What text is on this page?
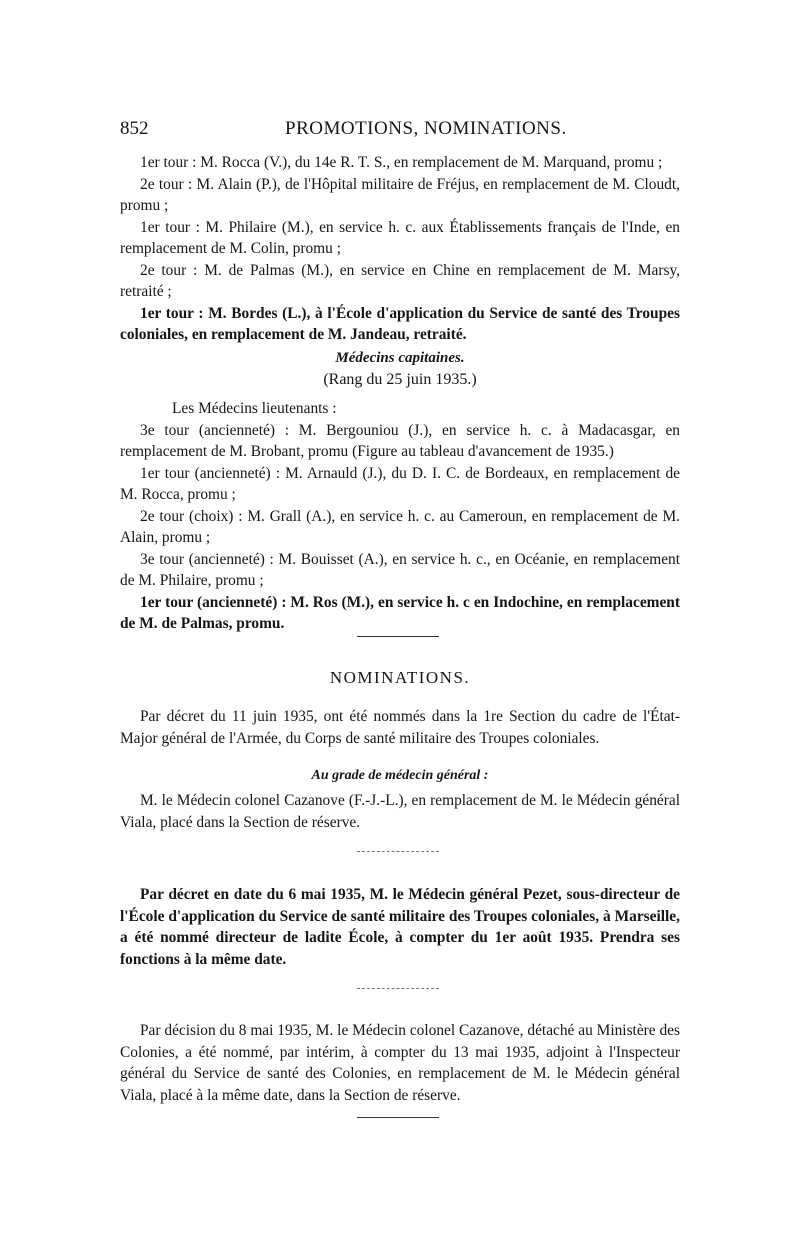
852	PROMOTIONS, NOMINATIONS.

1er tour : M. Rocca (V.), du 14e R. T. S., en remplacement de M. Marquand, promu ;

2e tour : M. Alain (P.), de l'Hôpital militaire de Fréjus, en remplacement de M. Cloudt, promu ;

1er tour : M. Philaire (M.), en service h. c. aux Établissements français de l'Inde, en remplacement de M. Colin, promu ;

2e tour : M. de Palmas (M.), en service en Chine en remplacement de M. Marsy, retraité ;

1er tour : M. Bordes (L.), à l'École d'application du Service de santé des Troupes coloniales, en remplacement de M. Jandeau, retraité.

Médecins capitaines.
(Rang du 25 juin 1935.)

Les Médecins lieutenants :

3e tour (ancienneté) : M. Bergouniou (J.), en service h. c. à Madacasgar, en remplacement de M. Brobant, promu (Figure au tableau d'avancement de 1935.)

1er tour (ancienneté) : M. Arnauld (J.), du D. I. C. de Bordeaux, en remplacement de M. Rocca, promu ;

2e tour (choix) : M. Grall (A.), en service h. c. au Cameroun, en remplacement de M. Alain, promu ;

3e tour (ancienneté) : M. Bouisset (A.), en service h. c., en Océanie, en remplacement de M. Philaire, promu ;

1er tour (ancienneté) : M. Ros (M.), en service h. c en Indochine, en remplacement de M. de Palmas, promu.

NOMINATIONS.

Par décret du 11 juin 1935, ont été nommés dans la 1re Section du cadre de l'État-Major général de l'Armée, du Corps de santé militaire des Troupes coloniales.

Au grade de médecin général :

M. le Médecin colonel Cazanove (F.-J.-L.), en remplacement de M. le Médecin général Viala, placé dans la Section de réserve.

Par décret en date du 6 mai 1935, M. le Médecin général Pezet, sous-directeur de l'École d'application du Service de santé militaire des Troupes coloniales, à Marseille, a été nommé directeur de ladite École, à compter du 1er août 1935. Prendra ses fonctions à la même date.

Par décision du 8 mai 1935, M. le Médecin colonel Cazanove, détaché au Ministère des Colonies, a été nommé, par intérim, à compter du 13 mai 1935, adjoint à l'Inspecteur général du Service de santé des Colonies, en remplacement de M. le Médecin général Viala, placé à la même date, dans la Section de réserve.
